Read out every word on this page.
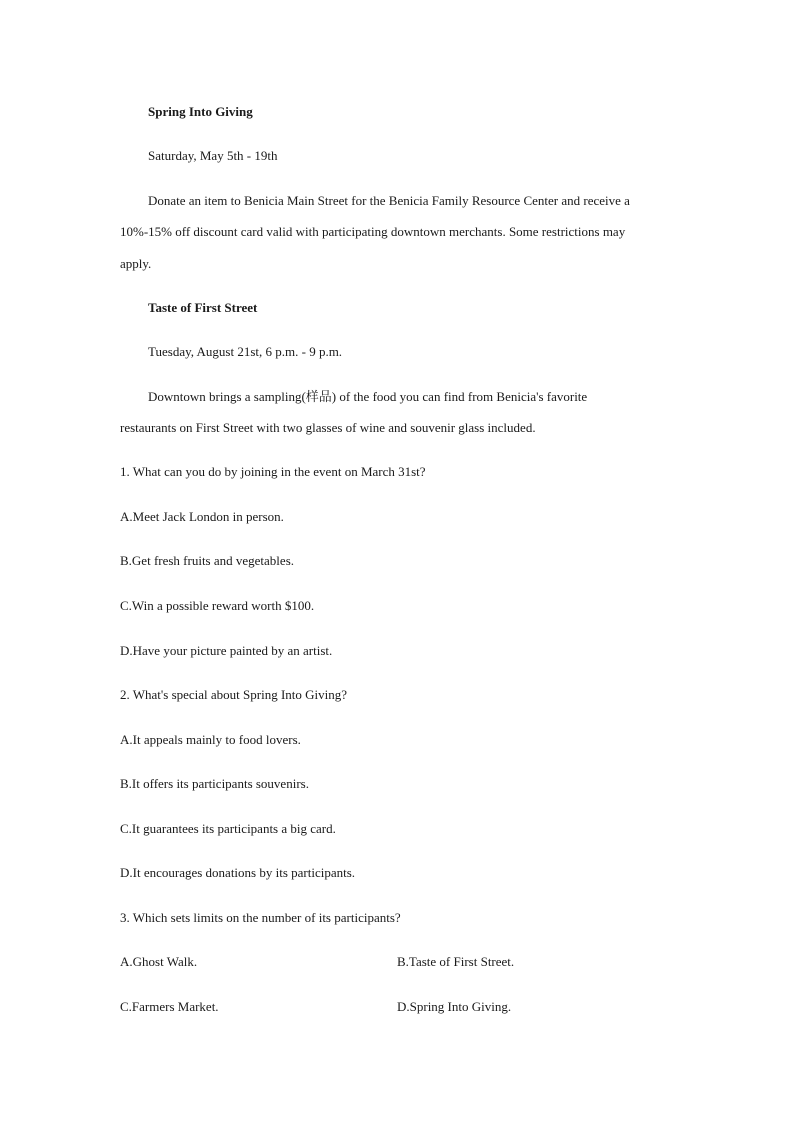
Spring Into Giving
Saturday, May 5th - 19th
Donate an item to Benicia Main Street for the Benicia Family Resource Center and receive a
10%-15% off discount card valid with participating downtown merchants. Some restrictions may
apply.
Taste of First Street
Tuesday, August 21st, 6 p.m. - 9 p.m.
Downtown brings a sampling(样品) of the food you can find from Benicia's favorite
restaurants on First Street with two glasses of wine and souvenir glass included.
1. What can you do by joining in the event on March 31st?
A.Meet Jack London in person.
B.Get fresh fruits and vegetables.
C.Win a possible reward worth $100.
D.Have your picture painted by an artist.
2. What's special about Spring Into Giving?
A.It appeals mainly to food lovers.
B.It offers its participants souvenirs.
C.It guarantees its participants a big card.
D.It encourages donations by its participants.
3. Which sets limits on the number of its participants?
A.Ghost Walk.	B.Taste of First Street.
C.Farmers Market.	D.Spring Into Giving.
